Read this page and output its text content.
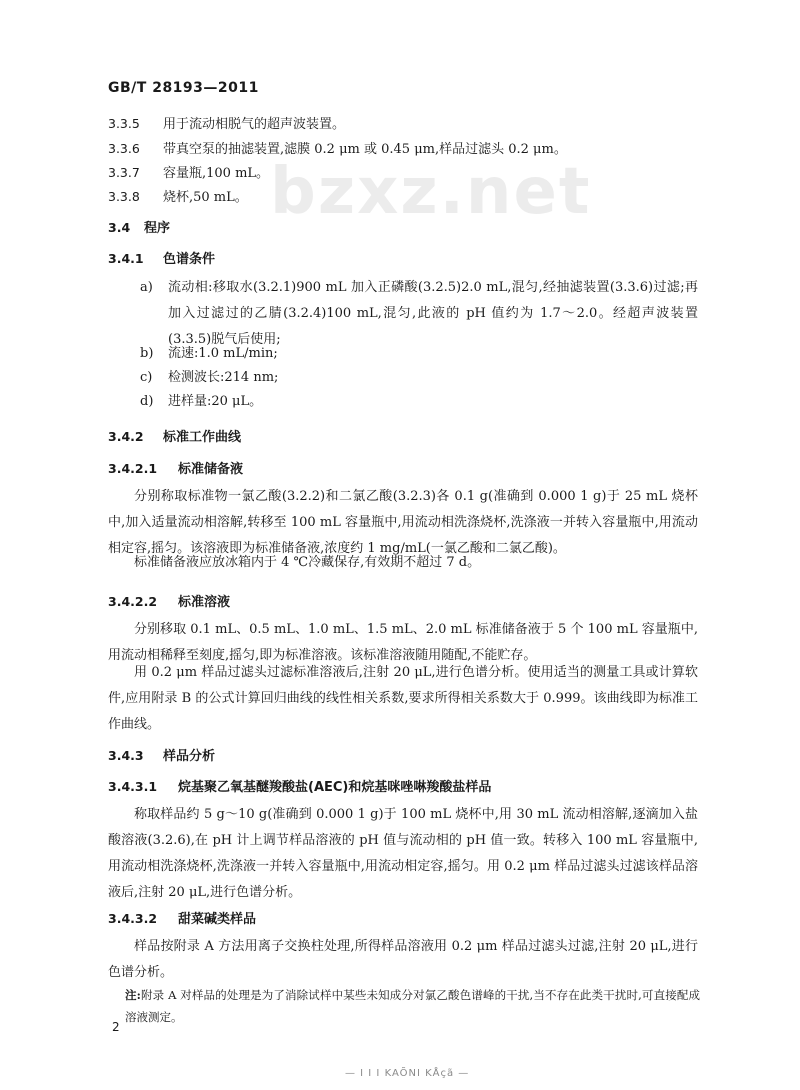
bzxz.net
GB/T 28193—2011
3.3.5 用于流动相脱气的超声波装置。
3.3.6 带真空泵的抽滤装置,滤膜 0.2 μm 或 0.45 μm,样品过滤头 0.2 μm。
3.3.7 容量瓶,100 mL。
3.3.8 烧杯,50 mL。
3.4 程序
3.4.1 色谱条件
a)	流动相:移取水(3.2.1)900 mL 加入正磷酸(3.2.5)2.0 mL,混匀,经抽滤装置(3.3.6)过滤;再加入过滤过的乙腈(3.2.4)100 mL,混匀,此液的 pH 值约为 1.7～2.0。经超声波装置(3.3.5)脱气后使用;
b)	流速:1.0 mL/min;
c)	检测波长:214 nm;
d)	进样量:20 μL。
3.4.2 标准工作曲线
3.4.2.1 标准储备液
分别称取标准物一氯乙酸(3.2.2)和二氯乙酸(3.2.3)各 0.1 g(准确到 0.000 1 g)于 25 mL 烧杯中,加入适量流动相溶解,转移至 100 mL 容量瓶中,用流动相洗涤烧杯,洗涤液一并转入容量瓶中,用流动相定容,摇匀。该溶液即为标准储备液,浓度约 1 mg/mL(一氯乙酸和二氯乙酸)。
标准储备液应放冰箱内于 4 ℃冷藏保存,有效期不超过 7 d。
3.4.2.2 标准溶液
分别移取 0.1 mL、0.5 mL、1.0 mL、1.5 mL、2.0 mL 标准储备液于 5 个 100 mL 容量瓶中,用流动相稀释至刻度,摇匀,即为标准溶液。该标准溶液随用随配,不能贮存。
用 0.2 μm 样品过滤头过滤标准溶液后,注射 20 μL,进行色谱分析。使用适当的测量工具或计算软件,应用附录 B 的公式计算回归曲线的线性相关系数,要求所得相关系数大于 0.999。该曲线即为标准工作曲线。
3.4.3 样品分析
3.4.3.1 烷基聚乙氧基醚羧酸盐(AEC)和烷基咪唑啉羧酸盐样品
称取样品约 5 g～10 g(准确到 0.000 1 g)于 100 mL 烧杯中,用 30 mL 流动相溶解,逐滴加入盐酸溶液(3.2.6),在 pH 计上调节样品溶液的 pH 值与流动相的 pH 值一致。转移入 100 mL 容量瓶中,用流动相洗涤烧杯,洗涤液一并转入容量瓶中,用流动相定容,摇匀。用 0.2 μm 样品过滤头过滤该样品溶液后,注射 20 μL,进行色谱分析。
3.4.3.2 甜菜碱类样品
样品按附录 A 方法用离子交换柱处理,所得样品溶液用 0.2 μm 样品过滤头过滤,注射 20 μL,进行色谱分析。
注:附录 A 对样品的处理是为了消除试样中某些未知成分对氯乙酸色谱峰的干扰,当不存在此类干扰时,可直接配成溶液测定。
2
— I I I KAÕNI KÅçã —
